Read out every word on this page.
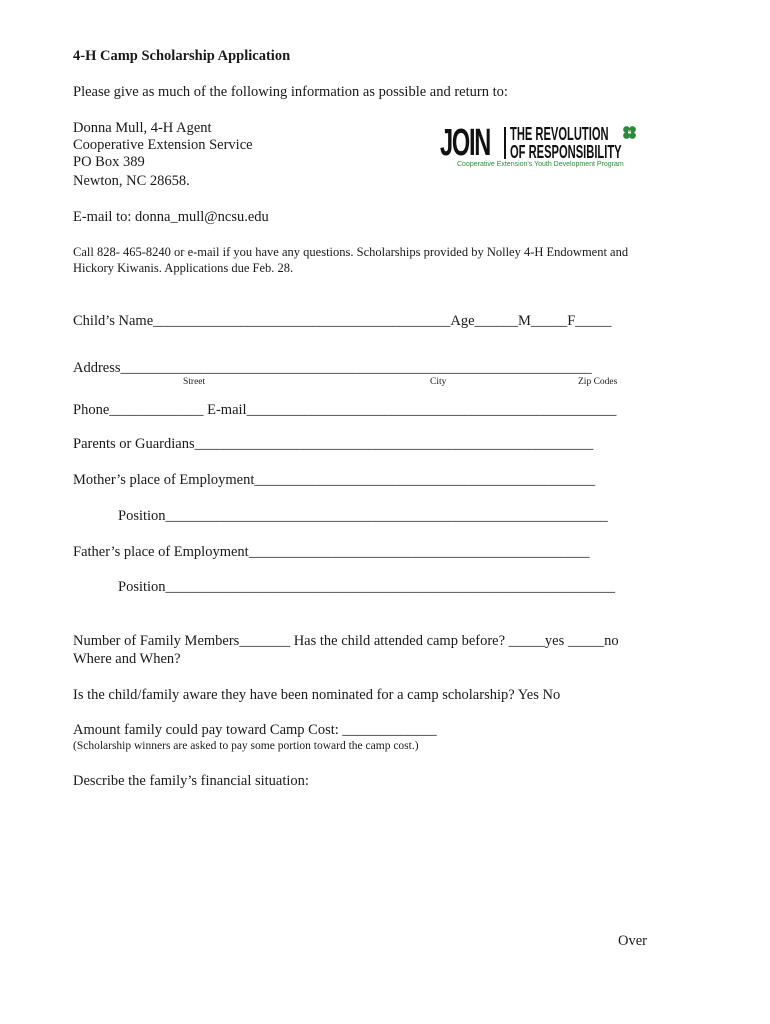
4-H Camp Scholarship Application
Please give as much of the following information as possible and return to:
Donna Mull, 4-H Agent
Cooperative Extension Service
PO Box 389
Newton, NC 28658.
JOIN THE REVOLUTION
OF RESPONSIBILITY
H
Cooperative Extension's Youth Development Program
E-mail to: donna_mull@ncsu.edu
Call 828- 465-8240 or e-mail if you have any questions. Scholarships provided by Nolley 4-H Endowment and
Hickory Kiwanis. Applications due Feb. 28.
Child’s Name_________________________________________Age______M_____F_____
Address_________________________________________________________________
Street	City	Zip Codes
Phone_____________ E-mail___________________________________________________
Parents or Guardians_______________________________________________________
Mother’s place of Employment_______________________________________________
Position_____________________________________________________________
Father’s place of Employment_______________________________________________
Position______________________________________________________________
Number of Family Members_______ Has the child attended camp before? _____yes _____no
Where and When?
Is the child/family aware they have been nominated for a camp scholarship? Yes No
Amount family could pay toward Camp Cost: _____________
(Scholarship winners are asked to pay some portion toward the camp cost.)
Describe the family’s financial situation:
Over
